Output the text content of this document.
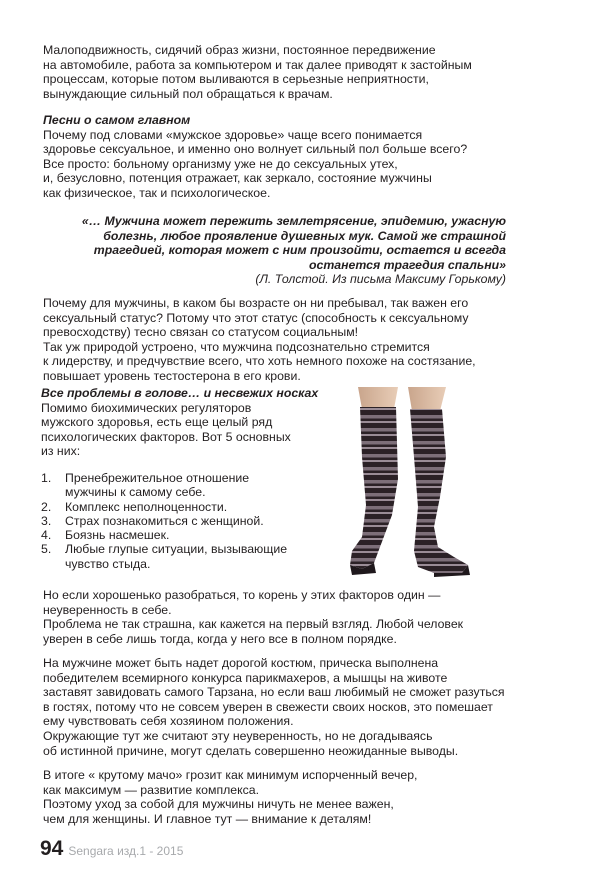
Малоподвижность, сидячий образ жизни, постоянное передвижение
на автомобиле, работа за компьютером и так далее приводят к застойным
процессам, которые потом выливаются в серьезные неприятности,
вынуждающие сильный пол обращаться к врачам.
Песни о самом главном
Почему под словами «мужское здоровье» чаще всего понимается
здоровье сексуальное, и именно оно волнует сильный пол больше всего?
Все просто: больному организму уже не до сексуальных утех,
и, безусловно, потенция отражает, как зеркало, состояние мужчины
как физическое, так и психологическое.
«… Мужчина может пережить землетрясение, эпидемию, ужасную
болезнь, любое проявление душевных мук. Самой же страшной
трагедией, которая может с ним произойти, остается и всегда
останется трагедия спальни»
(Л. Толстой. Из письма Максиму Горькому)
Почему для мужчины, в каком бы возрасте он ни пребывал, так важен его
сексуальный статус? Потому что этот статус (способность к сексуальному
превосходству) тесно связан со статусом социальным!
Так уж природой устроено, что мужчина подсознательно стремится
к лидерству, и предчувствие всего, что хоть немного похоже на состязание,
повышает уровень тестостерона в его крови.
Все проблемы в голове… и несвежих носках
Помимо биохимических регуляторов
мужского здоровья, есть еще целый ряд
психологических факторов. Вот 5 основных
из них:
1.	Пренебрежительное отношение
мужчины к самому себе.
2.	Комплекс неполноценности.
3.	Страх познакомиться с женщиной.
4.	Боязнь насмешек.
5.	Любые глупые ситуации, вызывающие
чувство стыда.
Но если хорошенько разобраться, то корень у этих факторов один —
неуверенность в себе.
Проблема не так страшна, как кажется на первый взгляд. Любой человек
уверен в себе лишь тогда, когда у него все в полном порядке.
На мужчине может быть надет дорогой костюм, прическа выполнена
победителем всемирного конкурса парикмахеров, а мышцы на животе
заставят завидовать самого Тарзана, но если ваш любимый не сможет разуться
в гостях, потому что не совсем уверен в свежести своих носков, это помешает
ему чувствовать себя хозяином положения.
Окружающие тут же считают эту неуверенность, но не догадываясь
об истинной причине, могут сделать совершенно неожиданные выводы.
В итоге « крутому мачо» грозит как минимум испорченный вечер,
как максимум — развитие комплекса.
Поэтому уход за собой для мужчины ничуть не менее важен,
чем для женщины. И главное тут — внимание к деталям!
94 Sengara изд.1 - 2015
